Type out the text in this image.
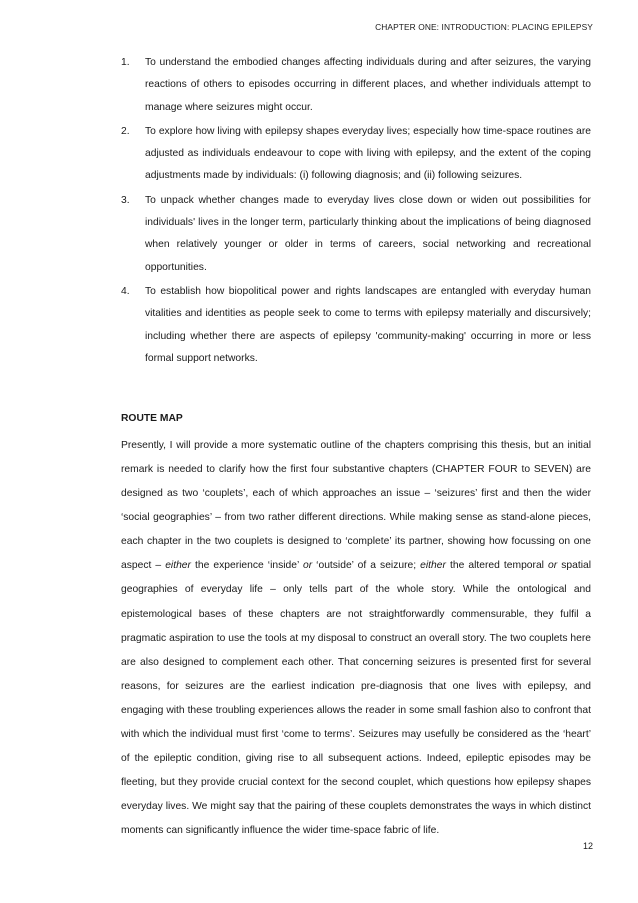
CHAPTER ONE: INTRODUCTION: PLACING EPILEPSY
1. To understand the embodied changes affecting individuals during and after seizures, the varying reactions of others to episodes occurring in different places, and whether individuals attempt to manage where seizures might occur.
2. To explore how living with epilepsy shapes everyday lives; especially how time-space routines are adjusted as individuals endeavour to cope with living with epilepsy, and the extent of the coping adjustments made by individuals: (i) following diagnosis; and (ii) following seizures.
3. To unpack whether changes made to everyday lives close down or widen out possibilities for individuals' lives in the longer term, particularly thinking about the implications of being diagnosed when relatively younger or older in terms of careers, social networking and recreational opportunities.
4. To establish how biopolitical power and rights landscapes are entangled with everyday human vitalities and identities as people seek to come to terms with epilepsy materially and discursively; including whether there are aspects of epilepsy 'community-making' occurring in more or less formal support networks.
ROUTE MAP

Presently, I will provide a more systematic outline of the chapters comprising this thesis, but an initial remark is needed to clarify how the first four substantive chapters (CHAPTER FOUR to SEVEN) are designed as two ‘couplets’, each of which approaches an issue – ‘seizures’ first and then the wider ‘social geographies’ – from two rather different directions. While making sense as stand-alone pieces, each chapter in the two couplets is designed to ‘complete’ its partner, showing how focussing on one aspect – either the experience ‘inside’ or ‘outside’ of a seizure; either the altered temporal or spatial geographies of everyday life – only tells part of the whole story. While the ontological and epistemological bases of these chapters are not straightforwardly commensurable, they fulfil a pragmatic aspiration to use the tools at my disposal to construct an overall story. The two couplets here are also designed to complement each other. That concerning seizures is presented first for several reasons, for seizures are the earliest indication pre-diagnosis that one lives with epilepsy, and engaging with these troubling experiences allows the reader in some small fashion also to confront that with which the individual must first ‘come to terms’. Seizures may usefully be considered as the ‘heart’ of the epileptic condition, giving rise to all subsequent actions. Indeed, epileptic episodes may be fleeting, but they provide crucial context for the second couplet, which questions how epilepsy shapes everyday lives. We might say that the pairing of these couplets demonstrates the ways in which distinct moments can significantly influence the wider time-space fabric of life.

12
